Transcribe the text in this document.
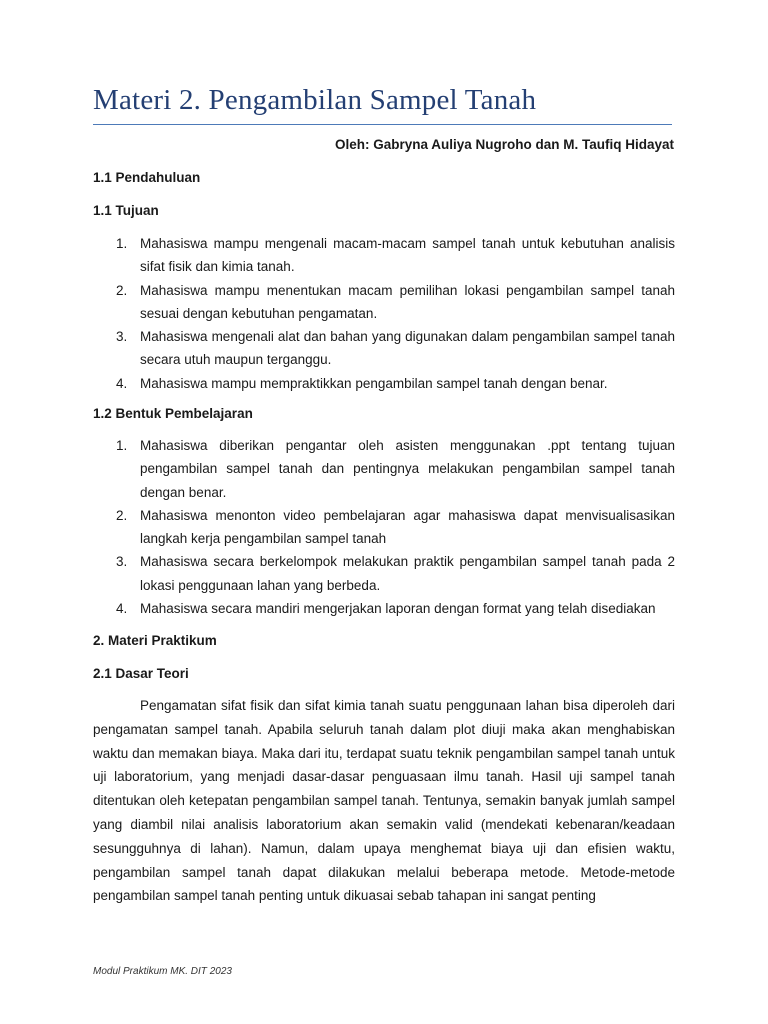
Materi 2. Pengambilan Sampel Tanah
Oleh: Gabryna Auliya Nugroho dan M. Taufiq Hidayat
1.1 Pendahuluan
1.1 Tujuan
1. Mahasiswa mampu mengenali macam-macam sampel tanah untuk kebutuhan analisis sifat fisik dan kimia tanah.
2. Mahasiswa mampu menentukan macam pemilihan lokasi pengambilan sampel tanah sesuai dengan kebutuhan pengamatan.
3. Mahasiswa mengenali alat dan bahan yang digunakan dalam pengambilan sampel tanah secara utuh maupun terganggu.
4. Mahasiswa mampu mempraktikkan pengambilan sampel tanah dengan benar.
1.2 Bentuk Pembelajaran
1. Mahasiswa diberikan pengantar oleh asisten menggunakan .ppt tentang tujuan pengambilan sampel tanah dan pentingnya melakukan pengambilan sampel tanah dengan benar.
2. Mahasiswa menonton video pembelajaran agar mahasiswa dapat menvisualisasikan langkah kerja pengambilan sampel tanah
3. Mahasiswa secara berkelompok melakukan praktik pengambilan sampel tanah pada 2 lokasi penggunaan lahan yang berbeda.
4. Mahasiswa secara mandiri mengerjakan laporan dengan format yang telah disediakan
2. Materi Praktikum
2.1 Dasar Teori

Pengamatan sifat fisik dan sifat kimia tanah suatu penggunaan lahan bisa diperoleh dari pengamatan sampel tanah. Apabila seluruh tanah dalam plot diuji maka akan menghabiskan waktu dan memakan biaya. Maka dari itu, terdapat suatu teknik pengambilan sampel tanah untuk uji laboratorium, yang menjadi dasar-dasar penguasaan ilmu tanah. Hasil uji sampel tanah ditentukan oleh ketepatan pengambilan sampel tanah. Tentunya, semakin banyak jumlah sampel yang diambil nilai analisis laboratorium akan semakin valid (mendekati kebenaran/keadaan sesungguhnya di lahan). Namun, dalam upaya menghemat biaya uji dan efisien waktu, pengambilan sampel tanah dapat dilakukan melalui beberapa metode. Metode-metode pengambilan sampel tanah penting untuk dikuasai sebab tahapan ini sangat penting

Modul Praktikum MK. DIT 2023
